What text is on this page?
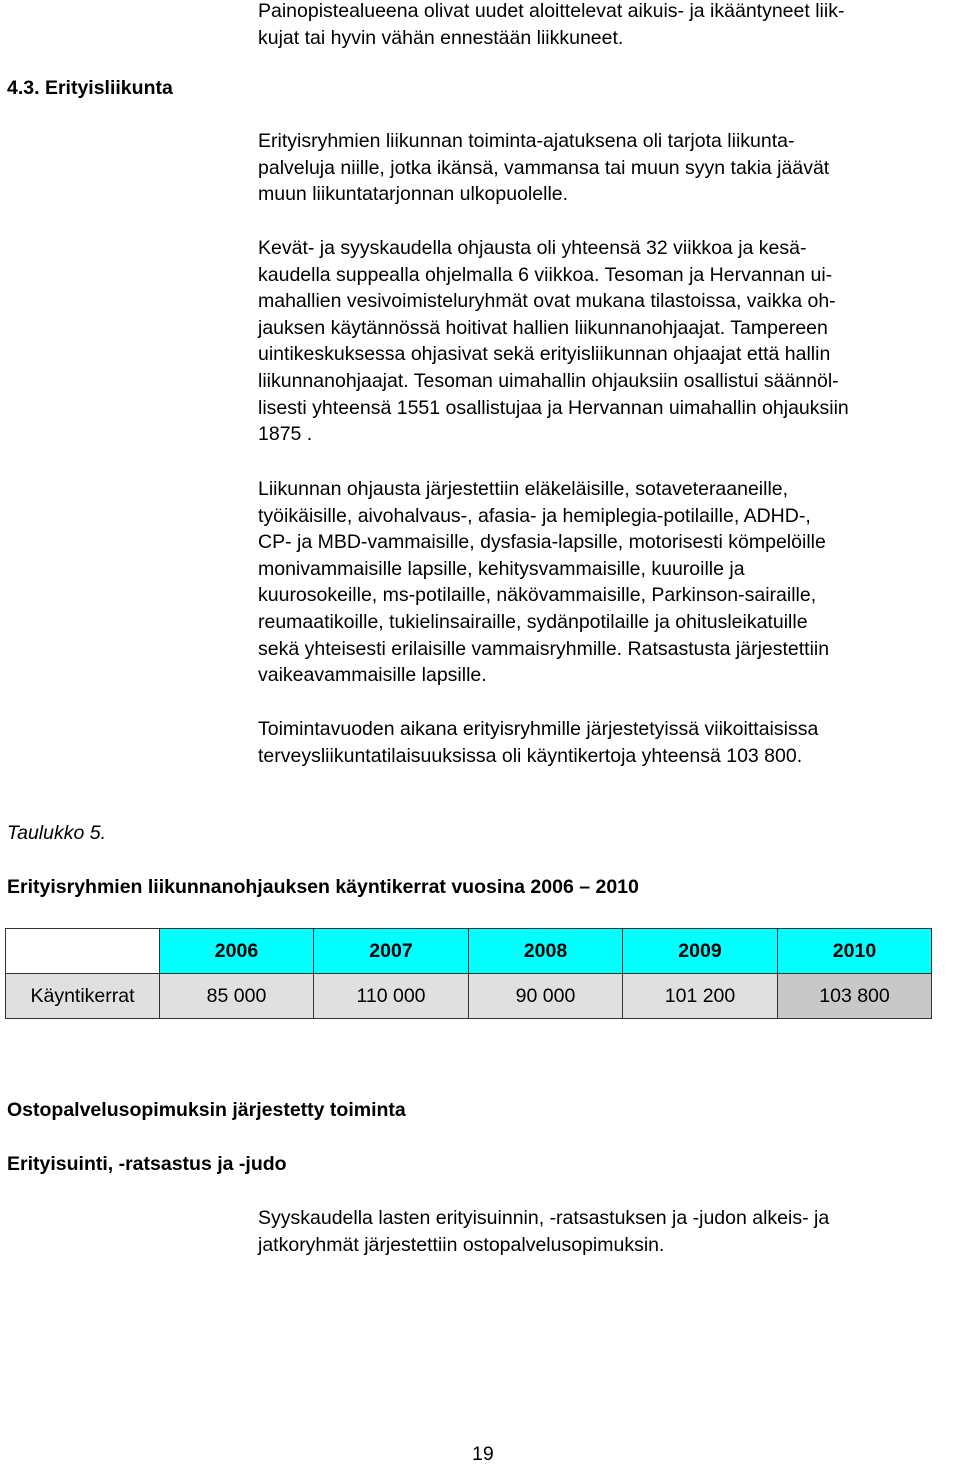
Painopistealueena olivat uudet aloittelevat aikuis- ja ikääntyneet liik-
kujat tai hyvin vähän ennestään liikkuneet.

4.3. Erityisliikunta

Erityisryhmien liikunnan toiminta-ajatuksena oli tarjota liikunta-
palveluja niille, jotka ikänsä, vammansa tai muun syyn takia jäävät
muun liikuntatarjonnan ulkopuolelle.

Kevät- ja syyskaudella ohjausta oli yhteensä 32 viikkoa ja kesä-
kaudella suppealla ohjelmalla 6 viikkoa. Tesoman ja Hervannan ui-
mahallien vesivoimisteluryhmät ovat mukana tilastoissa, vaikka oh-
jauksen käytännössä hoitivat hallien liikunnanohjaajat. Tampereen
uintikeskuksessa ohjasivat sekä erityisliikunnan ohjaajat että hallin
liikunnanohjaajat. Tesoman uimahallin ohjauksiin osallistui säännöl-
lisesti yhteensä 1551 osallistujaa ja Hervannan uimahallin ohjauksiin
1875 .

Liikunnan ohjausta järjestettiin eläkeläisille, sotaveteraaneille,
työikäisille, aivohalvaus-, afasia- ja hemiplegia-potilaille, ADHD-,
CP- ja MBD-vammaisille, dysfasia-lapsille, motorisesti kömpelöille
monivammaisille lapsille, kehitysvammaisille, kuuroille ja
kuurosokeille, ms-potilaille, näkövammaisille, Parkinson-sairaille,
reumaatikoille, tukielinsairaille, sydänpotilaille ja ohitusleikatuille
sekä yhteisesti erilaisille vammaisryhmille. Ratsastusta järjestettiin
vaikeavammaisille lapsille.

Toimintavuoden aikana erityisryhmille järjestetyissä viikoittaisissa
terveysliikuntatilaisuuksissa oli käyntikertoja yhteensä 103 800.

Taulukko 5.

Erityisryhmien liikunnanohjauksen käyntikerrat vuosina 2006 – 2010

	2006	2007	2008	2009	2010
Käyntikerrat	85 000	110 000	90 000	101 200	103 800

Ostopalvelusopimuksin järjestetty toiminta

Erityisuinti, -ratsastus ja -judo

Syyskaudella lasten erityisuinnin, -ratsastuksen ja -judon alkeis- ja
jatkoryhmät järjestettiin ostopalvelusopimuksin.

19
